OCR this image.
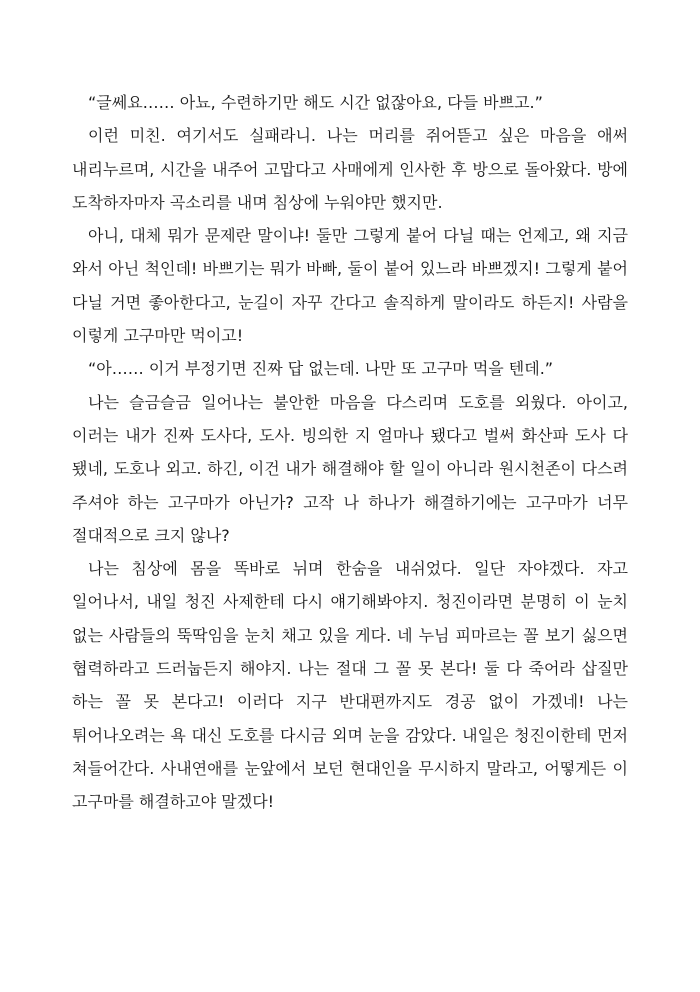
“글쎄요…… 아뇨, 수련하기만 해도 시간 없잖아요, 다들 바쁘고.”

이런 미친. 여기서도 실패라니. 나는 머리를 쥐어뜯고 싶은 마음을 애써 내리누르며, 시간을 내주어 고맙다고 사매에게 인사한 후 방으로 돌아왔다. 방에 도착하자마자 곡소리를 내며 침상에 누워야만 했지만.

아니, 대체 뭐가 문제란 말이냐! 둘만 그렇게 붙어 다닐 때는 언제고, 왜 지금 와서 아닌 척인데! 바쁘기는 뭐가 바빠, 둘이 붙어 있느라 바쁘겠지! 그렇게 붙어 다닐 거면 좋아한다고, 눈길이 자꾸 간다고 솔직하게 말이라도 하든지! 사람을 이렇게 고구마만 먹이고!

“아…… 이거 부정기면 진짜 답 없는데. 나만 또 고구마 먹을 텐데.”

나는 슬금슬금 일어나는 불안한 마음을 다스리며 도호를 외웠다. 아이고, 이러는 내가 진짜 도사다, 도사. 빙의한 지 얼마나 됐다고 벌써 화산파 도사 다 됐네, 도호나 외고. 하긴, 이건 내가 해결해야 할 일이 아니라 원시천존이 다스려 주셔야 하는 고구마가 아닌가? 고작 나 하나가 해결하기에는 고구마가 너무 절대적으로 크지 않나?

나는 침상에 몸을 똑바로 뉘며 한숨을 내쉬었다. 일단 자야겠다. 자고 일어나서, 내일 청진 사제한테 다시 얘기해봐야지. 청진이라면 분명히 이 눈치 없는 사람들의 뚝딱임을 눈치 채고 있을 게다. 네 누님 피마르는 꼴 보기 싫으면 협력하라고 드러눕든지 해야지. 나는 절대 그 꼴 못 본다! 둘 다 죽어라 삽질만 하는 꼴 못 본다고! 이러다 지구 반대편까지도 경공 없이 가겠네! 나는 튀어나오려는 욕 대신 도호를 다시금 외며 눈을 감았다. 내일은 청진이한테 먼저 쳐들어간다. 사내연애를 눈앞에서 보던 현대인을 무시하지 말라고, 어떻게든 이 고구마를 해결하고야 말겠다!
